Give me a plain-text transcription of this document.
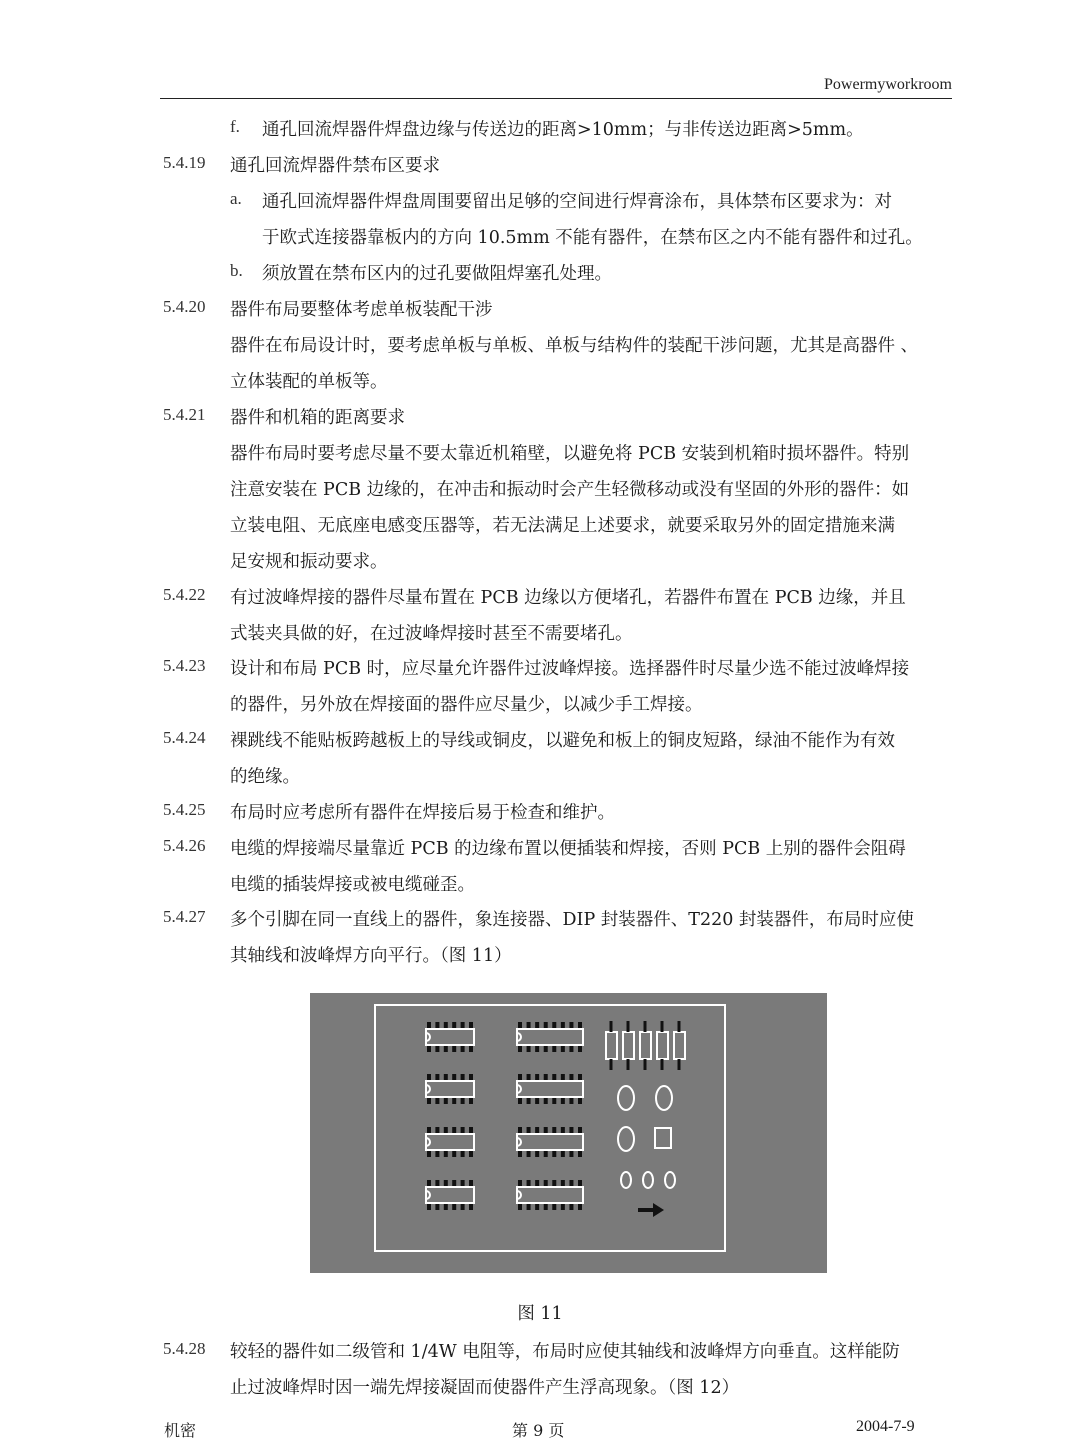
Powermyworkroom
f. 通孔回流焊器件焊盘边缘与传送边的距离>10mm；与非传送边距离>5mm。
5.4.19 通孔回流焊器件禁布区要求
a. 通孔回流焊器件焊盘周围要留出足够的空间进行焊膏涂布，具体禁布区要求为：对
于欧式连接器靠板内的方向 10.5mm 不能有器件，在禁布区之内不能有器件和过孔。
b. 须放置在禁布区内的过孔要做阻焊塞孔处理。
5.4.20 器件布局要整体考虑单板装配干涉
器件在布局设计时，要考虑单板与单板、单板与结构件的装配干涉问题，尤其是高器件 、
立体装配的单板等。
5.4.21 器件和机箱的距离要求
器件布局时要考虑尽量不要太靠近机箱壁，以避免将 PCB 安装到机箱时损坏器件。特别
注意安装在 PCB 边缘的，在冲击和振动时会产生轻微移动或没有坚固的外形的器件：如
立装电阻、无底座电感变压器等，若无法满足上述要求，就要采取另外的固定措施来满
足安规和振动要求。
5.4.22 有过波峰焊接的器件尽量布置在 PCB 边缘以方便堵孔，若器件布置在 PCB 边缘，并且
式装夹具做的好，在过波峰焊接时甚至不需要堵孔。
5.4.23 设计和布局 PCB 时，应尽量允许器件过波峰焊接。选择器件时尽量少选不能过波峰焊接
的器件，另外放在焊接面的器件应尽量少，以减少手工焊接。
5.4.24 裸跳线不能贴板跨越板上的导线或铜皮，以避免和板上的铜皮短路，绿油不能作为有效
的绝缘。
5.4.25 布局时应考虑所有器件在焊接后易于检查和维护。
5.4.26 电缆的焊接端尽量靠近 PCB 的边缘布置以便插装和焊接，否则 PCB 上别的器件会阻碍
电缆的插装焊接或被电缆碰歪。
5.4.27 多个引脚在同一直线上的器件，象连接器、DIP 封装器件、T220 封装器件，布局时应使
其轴线和波峰焊方向平行。（图 11）
图 11
5.4.28 较轻的器件如二级管和 1/4W 电阻等，布局时应使其轴线和波峰焊方向垂直。这样能防
止过波峰焊时因一端先焊接凝固而使器件产生浮高现象。（图 12）
机密	第 9 页	2004-7-9
